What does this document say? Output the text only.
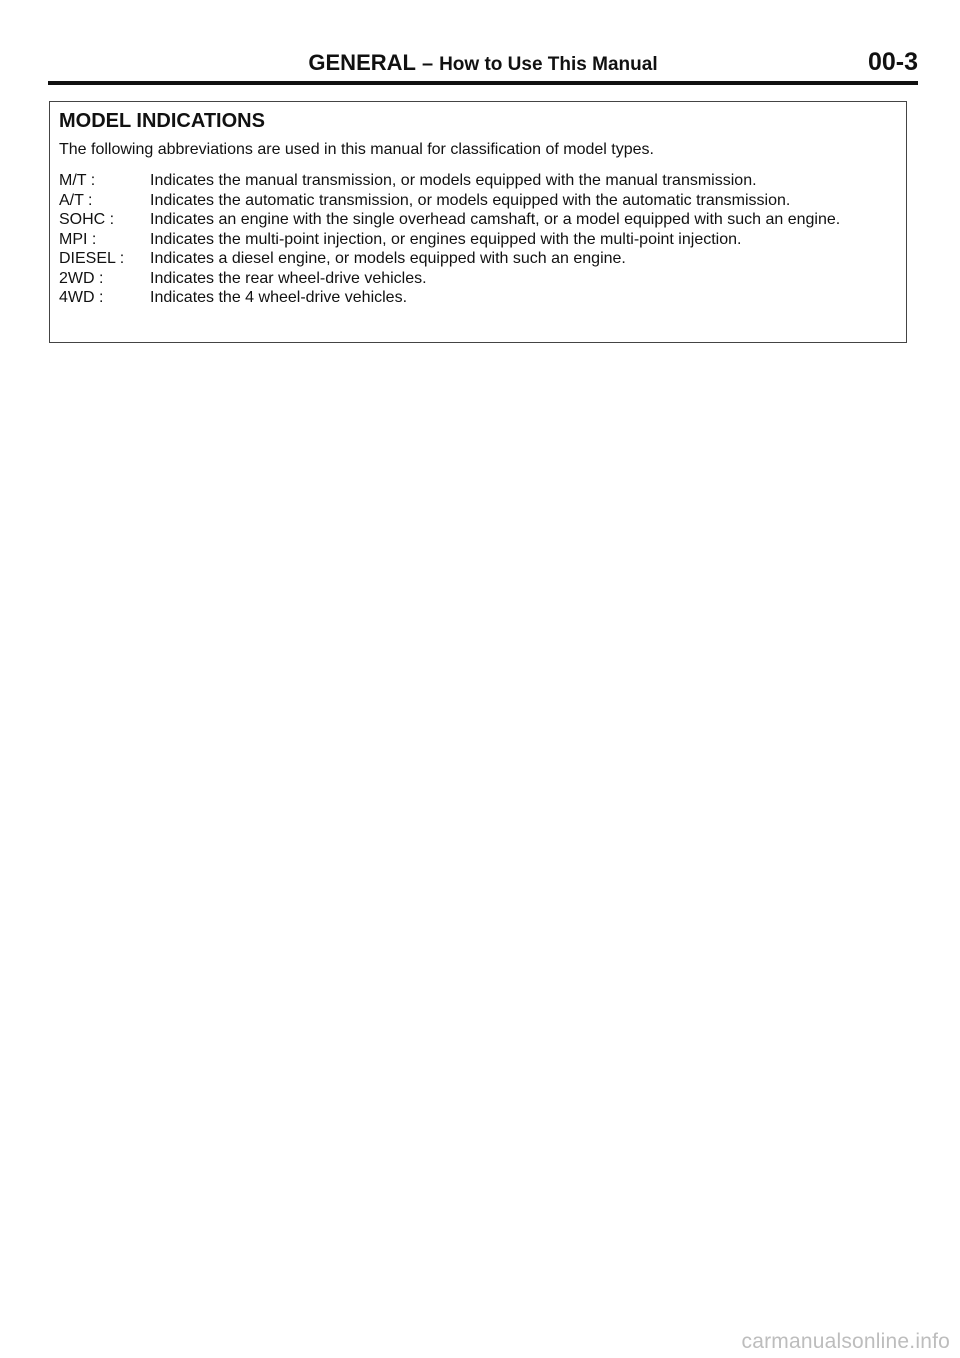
GENERAL – How to Use This Manual	00-3
MODEL INDICATIONS
The following abbreviations are used in this manual for classification of model types.
M/T :	Indicates the manual transmission, or models equipped with the manual transmission.
A/T :	Indicates the automatic transmission, or models equipped with the automatic transmission.
SOHC :	Indicates an engine with the single overhead camshaft, or a model equipped with such an engine.
MPI :	Indicates the multi-point injection, or engines equipped with the multi-point injection.
DIESEL :	Indicates a diesel engine, or models equipped with such an engine.
2WD :	Indicates the rear wheel-drive vehicles.
4WD :	Indicates the 4 wheel-drive vehicles.
carmanualsonline.info
